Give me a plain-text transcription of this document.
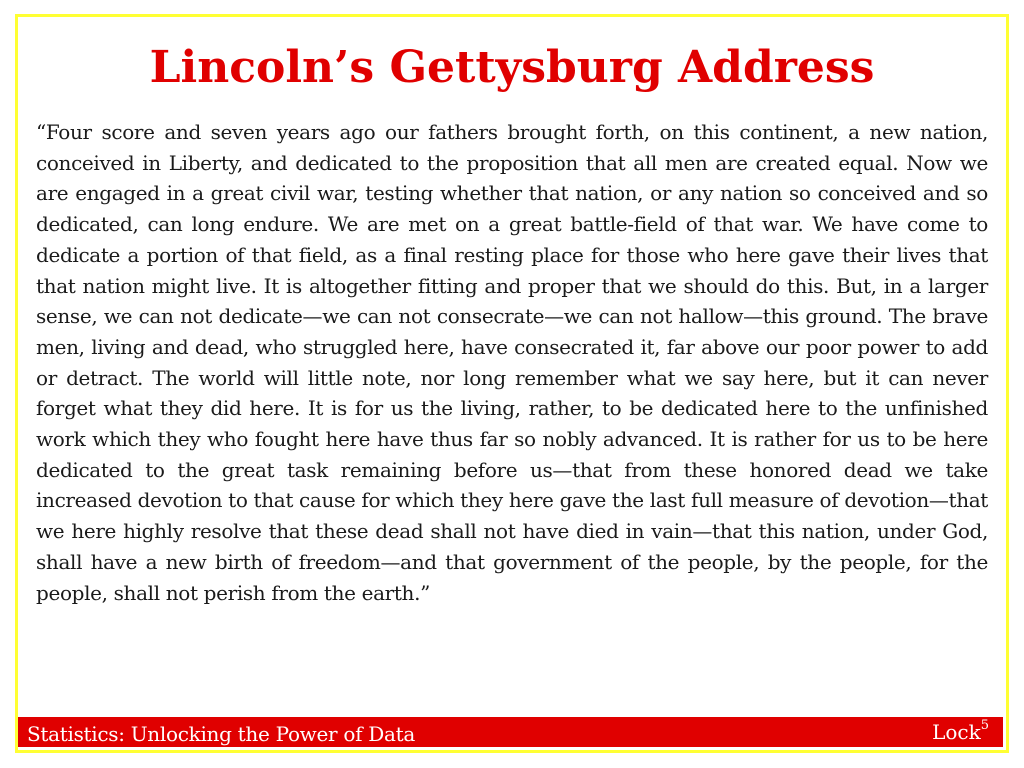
Lincoln’s Gettysburg Address

“Four score and seven years ago our fathers brought forth, on this continent, a new nation, conceived in Liberty, and dedicated to the proposition that all men are created equal. Now we are engaged in a great civil war, testing whether that nation, or any nation so conceived and so dedicated, can long endure. We are met on a great battle-field of that war. We have come to dedicate a portion of that field, as a final resting place for those who here gave their lives that that nation might live. It is altogether fitting and proper that we should do this. But, in a larger sense, we can not dedicate—we can not consecrate—we can not hallow—this ground. The brave men, living and dead, who struggled here, have consecrated it, far above our poor power to add or detract. The world will little note, nor long remember what we say here, but it can never forget what they did here. It is for us the living, rather, to be dedicated here to the unfinished work which they who fought here have thus far so nobly advanced. It is rather for us to be here dedicated to the great task remaining before us—that from these honored dead we take increased devotion to that cause for which they here gave the last full measure of devotion—that we here highly resolve that these dead shall not have died in vain—that this nation, under God, shall have a new birth of freedom—and that government of the people, by the people, for the people, shall not perish from the earth.”

Statistics: Unlocking the Power of Data	Lock$^5$
